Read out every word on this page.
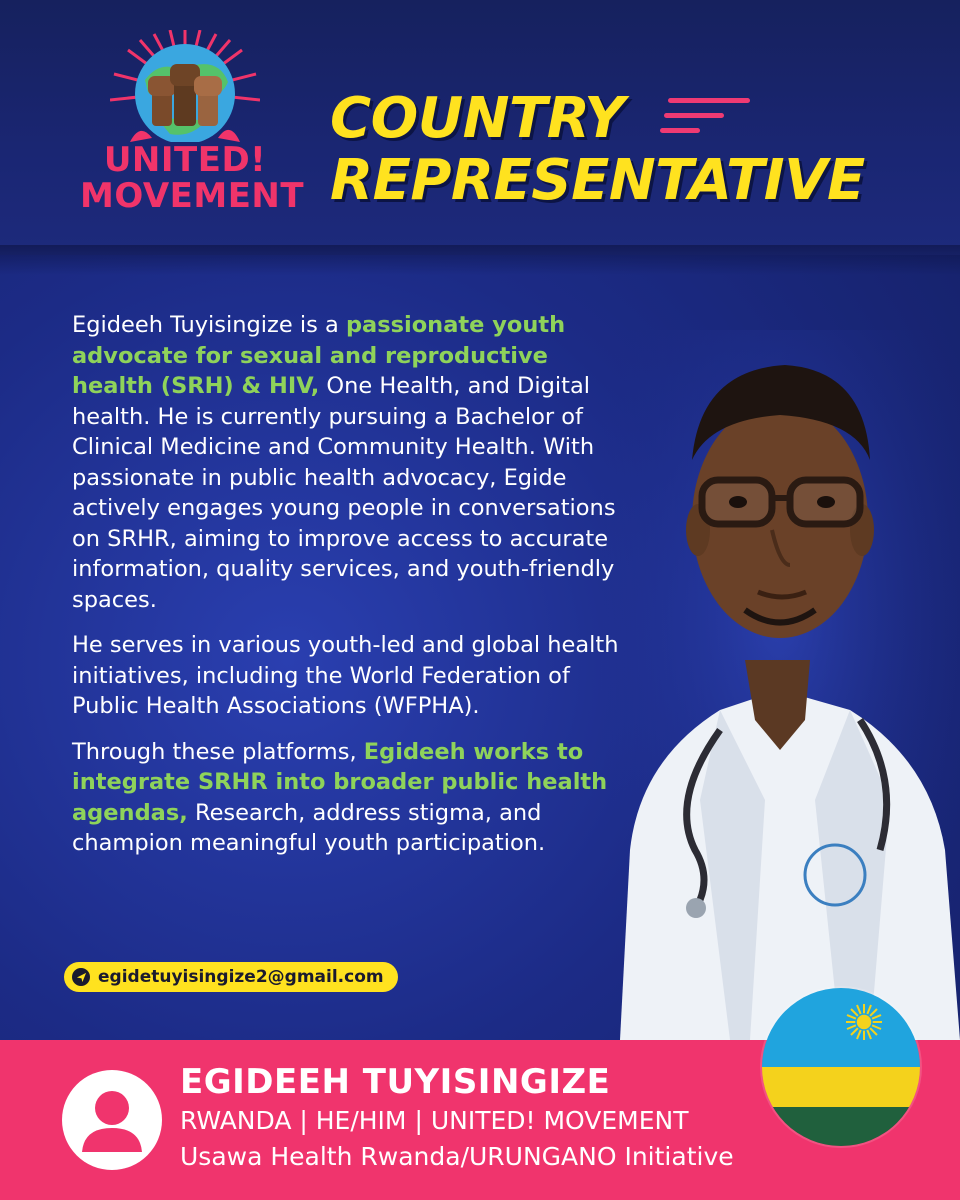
UNITED!
MOVEMENT
COUNTRY
REPRESENTATIVE

Egideeh Tuyisingize is a passionate youth advocate for sexual and reproductive health (SRH) & HIV, One Health, and Digital health. He is currently pursuing a Bachelor of Clinical Medicine and Community Health. With passionate in public health advocacy, Egide actively engages young people in conversations on SRHR, aiming to improve access to accurate information, quality services, and youth-friendly spaces.

He serves in various youth-led and global health initiatives, including the World Federation of Public Health Associations (WFPHA).

Through these platforms, Egideeh works to integrate SRHR into broader public health agendas, Research, address stigma, and champion meaningful youth participation.

egidetuyisingize2@gmail.com
EGIDEEH TUYISINGIZE
RWANDA | HE/HIM | UNITED! MOVEMENT
Usawa Health Rwanda/URUNGANO Initiative
